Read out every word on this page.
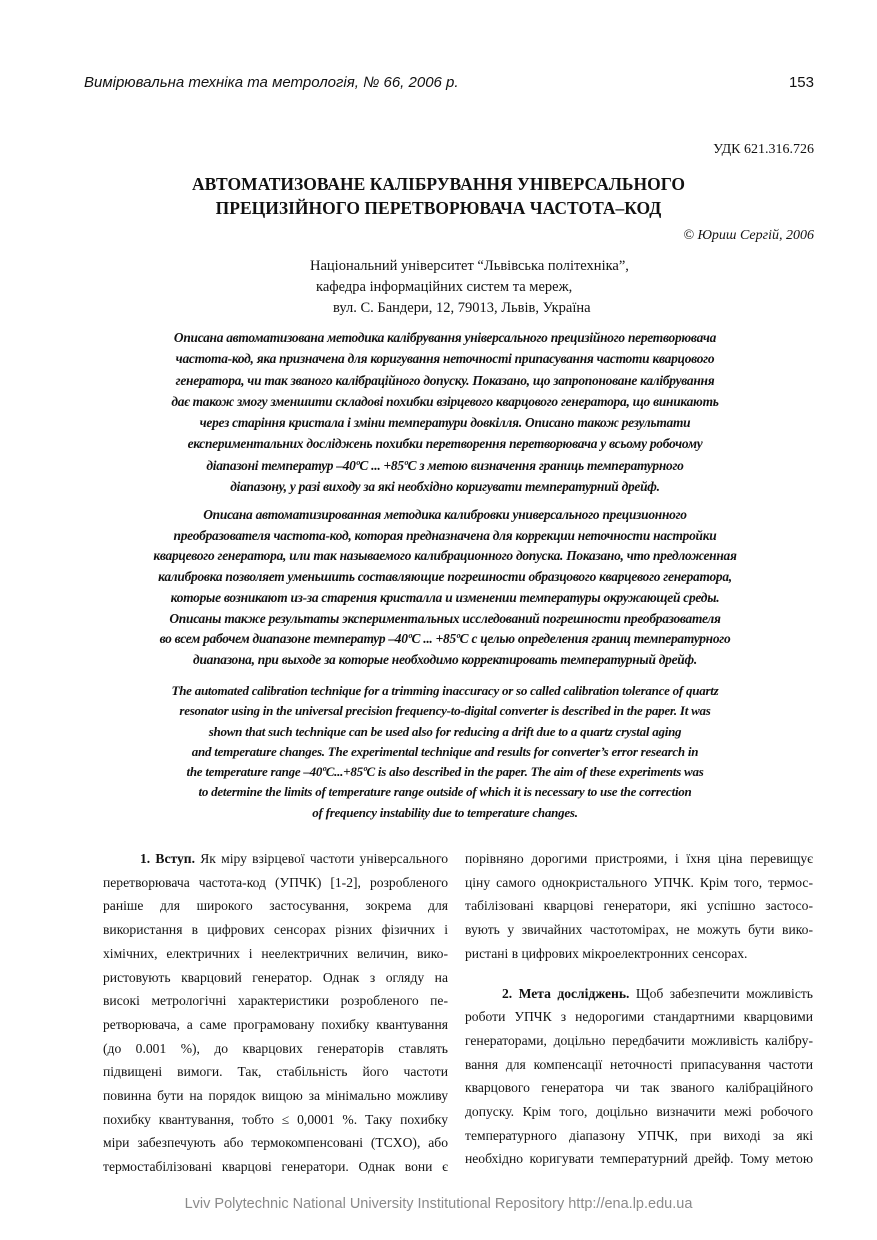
Вимірювальна техніка та метрологія, № 66, 2006 р.	153
УДК 621.316.726
АВТОМАТИЗОВАНЕ КАЛІБРУВАННЯ УНІВЕРСАЛЬНОГО
ПРЕЦИЗІЙНОГО ПЕРЕТВОРЮВАЧА ЧАСТОТА–КОД
© Юриш Сергій, 2006
Національний університет “Львівська політехніка”,
кафедра інформаційних систем та мереж,
вул. С. Бандери, 12, 79013, Львів, Україна
Описана автоматизована методика калібрування універсального прецизійного перетворювача
частота-код, яка призначена для коригування неточності припасування частоти кварцового
генератора, чи так званого калібраційного допуску. Показано, що запропоноване калібрування
дає також змогу зменшити складові похибки взірцевого кварцового генератора, що виникають
через старіння кристала і зміни температури довкілля. Описано також результати
експериментальних досліджень похибки перетворення перетворювача у всьому робочому
діапазоні температур –40ºC ... +85ºC з метою визначення границь температурного
діапазону, у разі виходу за які необхідно коригувати температурний дрейф.
Описана автоматизированная методика калибровки универсального прецизионного
преобразователя частота-код, которая предназначена для коррекции неточности настройки
кварцевого генератора, или так называемого калибрационного допуска. Показано, что предложенная
калибровка позволяет уменьшить составляющие погрешности образцового кварцевого генератора,
которые возникают из-за старения кристалла и изменении температуры окружающей среды.
Описаны также результаты экспериментальных исследований погрешности преобразователя
во всем рабочем диапазоне температур –40ºC ... +85ºC с целью определения границ температурного
диапазона, при выходе за которые необходимо корректировать температурный дрейф.
The automated calibration technique for a trimming inaccuracy or so called calibration tolerance of quartz
resonator using in the universal precision frequency-to-digital converter is described in the paper. It was
shown that such technique can be used also for reducing a drift due to a quartz crystal aging
and temperature changes. The experimental technique and results for converter’s error research in
the temperature range –40ºC...+85ºC is also described in the paper. The aim of these experiments was
to determine the limits of temperature range outside of which it is necessary to use the correction
of frequency instability due to temperature changes.
1. Вступ. Як міру взірцевої частоти універсального
перетворювача частота-код (УПЧК) [1-2], розробленого
раніше для широкого застосування, зокрема для
використання в цифрових сенсорах різних фізичних і
хімічних, електричних і неелектричних величин, вико-
ристовують кварцовий генератор. Однак з огляду на
високі метрологічні характеристики розробленого пе-
ретворювача, а саме програмовану похибку квантування
(до 0.001 %), до кварцових генераторів ставлять
підвищені вимоги. Так, стабільність його частоти
повинна бути на порядок вищою за мінімально можливу
похибку квантування, тобто ≤ 0,0001 %. Таку похибку
міри забезпечують або термокомпенсовані (TCXO), або
термостабілізовані кварцові генератори. Однак вони є
порівняно дорогими пристроями, і їхня ціна перевищує
ціну самого однокристального УПЧК. Крім того, термос-
табілізовані кварцові генератори, які успішно застосо-
вують у звичайних частотомірах, не можуть бути вико-
ристані в цифрових мікроелектронних сенсорах.
2. Мета досліджень. Щоб забезпечити можливість
роботи УПЧК з недорогими стандартними кварцовими
генераторами, доцільно передбачити можливість калібру-
вання для компенсації неточності припасування частоти
кварцового генератора чи так званого калібраційного
допуску. Крім того, доцільно визначити межі робочого
температурного діапазону УПЧК, при виході за які
необхідно коригувати температурний дрейф. Тому метою
Lviv Polytechnic National University Institutional Repository http://ena.lp.edu.ua
